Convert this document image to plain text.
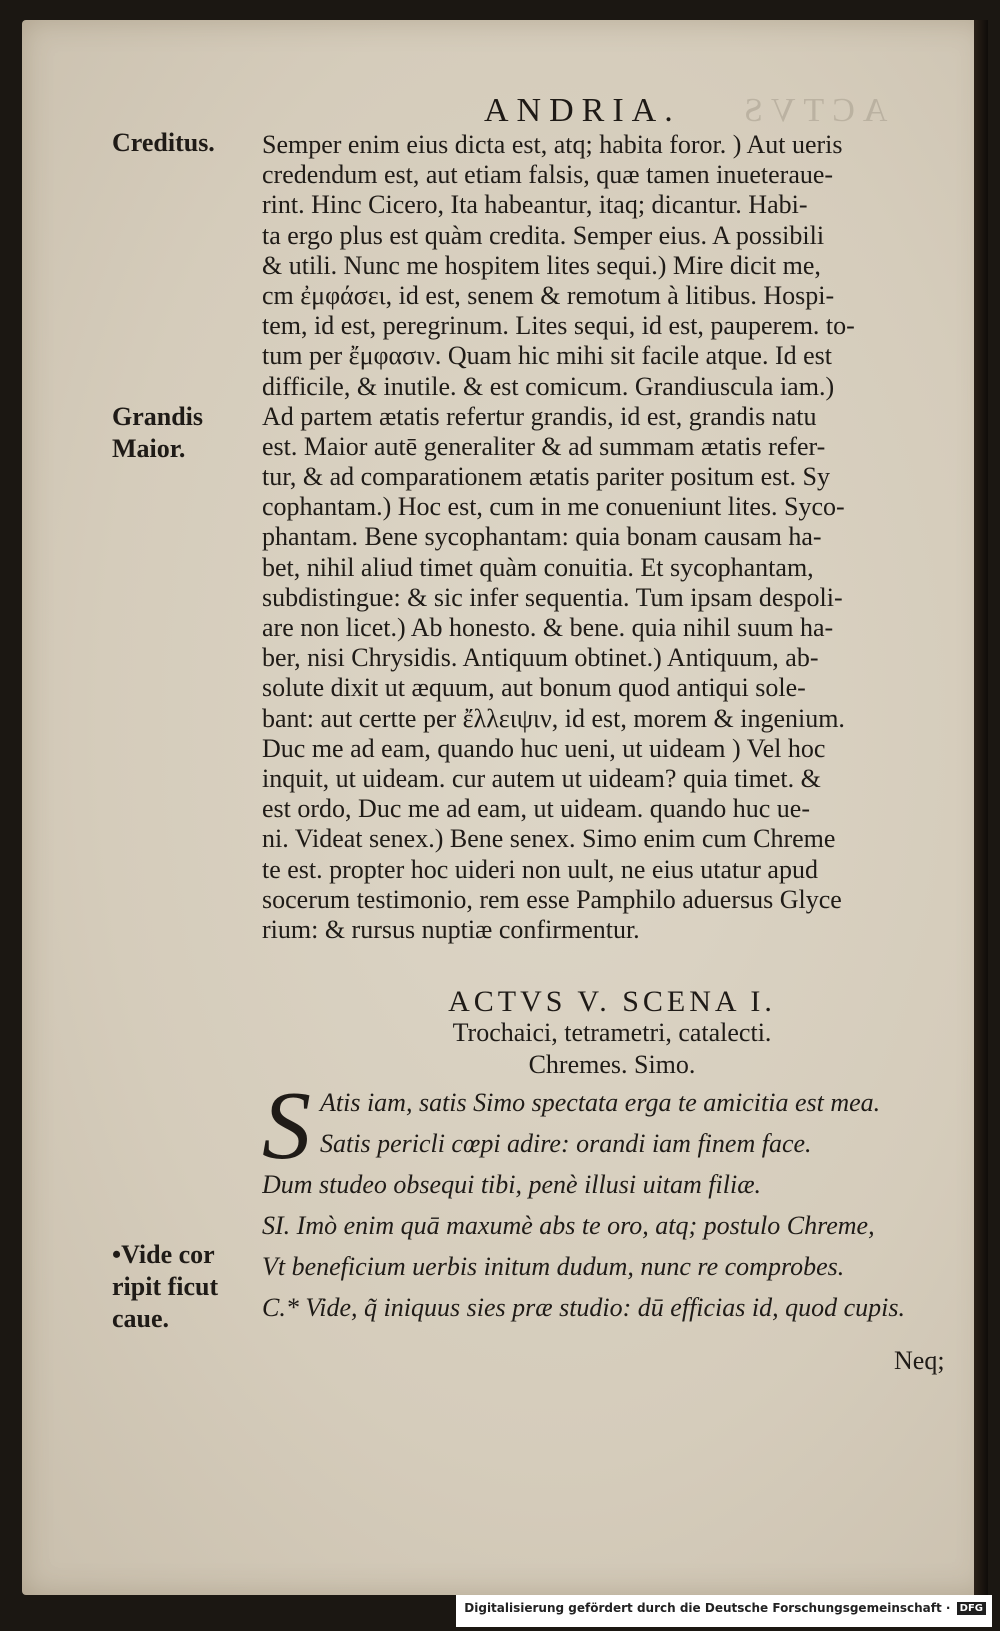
ANDRIA. ACTVS
Creditus.
Grandis
Maior.
•Vide cor
ripit ficut
caue.
Semper enim eius dicta est, atq; habita foror. ) Aut ueris
credendum est, aut etiam falsis, quæ tamen inueteraue-
rint. Hinc Cicero, Ita habeantur, itaq; dicantur. Habi-
ta ergo plus est quàm credita. Semper eius. A possibili
& utili. Nunc me hospitem lites sequi.) Mire dicit me,
cm ἐμφάσει, id est, senem & remotum à litibus. Hospi-
tem, id est, peregrinum. Lites sequi, id est, pauperem. to-
tum per ἔμφασιν. Quam hic mihi sit facile atque. Id est
difficile, & inutile. & est comicum. Grandiuscula iam.)
Ad partem ætatis refertur grandis, id est, grandis natu
est. Maior autē generaliter & ad summam ætatis refer-
tur, & ad comparationem ætatis pariter positum est. Sy
cophantam.) Hoc est, cum in me conueniunt lites. Syco-
phantam. Bene sycophantam: quia bonam causam ha-
bet, nihil aliud timet quàm conuitia. Et sycophantam,
subdistingue: & sic infer sequentia. Tum ipsam despoli-
are non licet.) Ab honesto. & bene. quia nihil suum ha-
ber, nisi Chrysidis. Antiquum obtinet.) Antiquum, ab-
solute dixit ut æquum, aut bonum quod antiqui sole-
bant: aut certte per ἔλλειψιν, id est, morem & ingenium.
Duc me ad eam, quando huc ueni, ut uideam ) Vel hoc
inquit, ut uideam. cur autem ut uideam? quia timet. &
est ordo, Duc me ad eam, ut uideam. quando huc ue-
ni. Videat senex.) Bene senex. Simo enim cum Chreme
te est. propter hoc uideri non uult, ne eius utatur apud
socerum testimonio, rem esse Pamphilo aduersus Glyce
rium: & rursus nuptiæ confirmentur.
ACTVS V. SCENA I.
Trochaici, tetrametri, catalecti.
Chremes. Simo.
S Atis iam, satis Simo spectata erga te amicitia est mea.
Satis pericli cœpi adire: orandi iam finem face.
Dum studeo obsequi tibi, penè illusi uitam filiæ.
SI. Imò enim quā maxumè abs te oro, atq; postulo Chreme,
Vt beneficium uerbis initum dudum, nunc re comprobes.
C.* Vide, q̃ iniquus sies præ studio: dū efficias id, quod cupis.
Neq;
Digitalisierung gefördert durch die Deutsche Forschungsgemeinschaft · DFG
